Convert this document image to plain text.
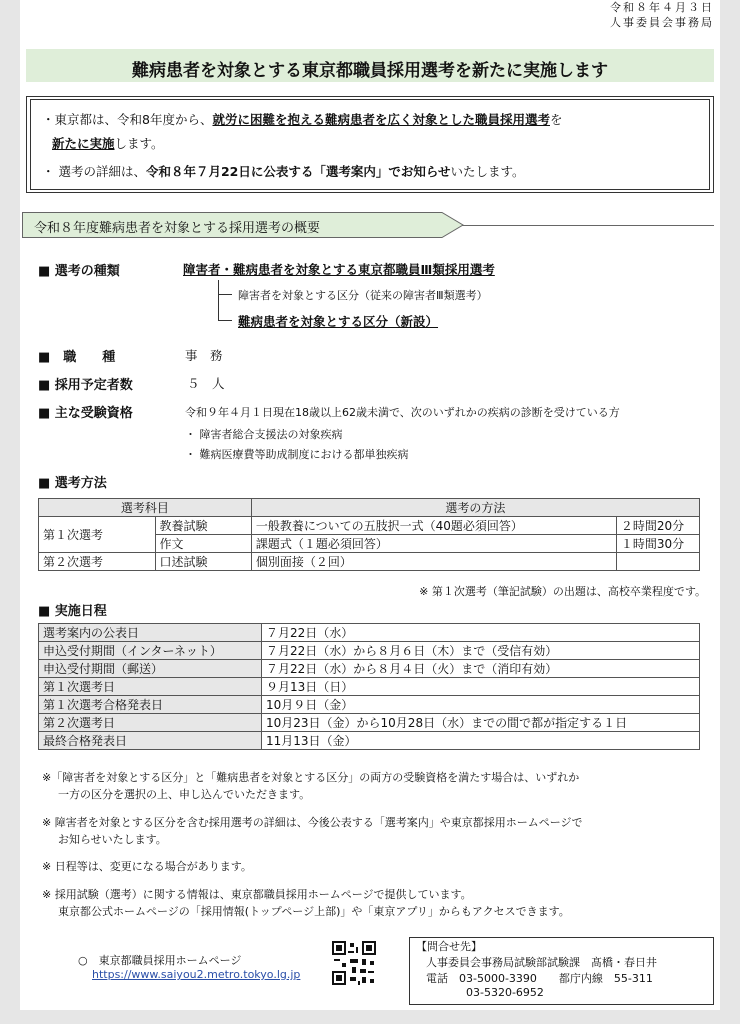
令和８年４月３日
人事委員会事務局
難病患者を対象とする東京都職員採用選考を新たに実施します
・東京都は、令和8年度から、就労に困難を抱える難病患者を広く対象とした職員採用選考を
新たに実施します。
・ 選考の詳細は、令和８年７月22日に公表する「選考案内」でお知らせいたします。
令和８年度難病患者を対象とする採用選考の概要
■ 選考の種類	障害者・難病患者を対象とする東京都職員Ⅲ類採用選考
障害者を対象とする区分（従来の障害者Ⅲ類選考）
難病患者を対象とする区分（新設）
■　職　　種	事　務
■ 採用予定者数	５　人
■ 主な受験資格	令和９年４月１日現在18歳以上62歳未満で、次のいずれかの疾病の診断を受けている方
・ 障害者総合支援法の対象疾病
・ 難病医療費等助成制度における都単独疾病
■ 選考方法
選考科目		選考の方法	
第１次選考	教養試験	一般教養についての五肢択一式（40題必須回答）	２時間20分
	作文	課題式（１題必須回答）	１時間30分
第２次選考	口述試験	個別面接（２回）	
※ 第１次選考（筆記試験）の出題は、高校卒業程度です。
■ 実施日程
選考案内の公表日	７月22日（水）
申込受付期間（インターネット）	７月22日（水）から８月６日（木）まで（受信有効）
申込受付期間（郵送）	７月22日（水）から８月４日（火）まで（消印有効）
第１次選考日	９月13日（日）
第１次選考合格発表日	10月９日（金）
第２次選考日	10月23日（金）から10月28日（水）までの間で都が指定する１日
最終合格発表日	11月13日（金）
※「障害者を対象とする区分」と「難病患者を対象とする区分」の両方の受験資格を満たす場合は、いずれか
一方の区分を選択の上、申し込んでいただきます。
※ 障害者を対象とする区分を含む採用選考の詳細は、今後公表する「選考案内」や東京都採用ホームページで
お知らせいたします。
※ 日程等は、変更になる場合があります。
※ 採用試験（選考）に関する情報は、東京都職員採用ホームページで提供しています。
東京都公式ホームページの「採用情報(トップページ上部)」や「東京アプリ」からもアクセスできます。
○　東京都職員採用ホームページ
https://www.saiyou2.metro.tokyo.lg.jp
【問合せ先】
人事委員会事務局試験部試験課　髙橋・春日井
電話　03-5000-3390　　都庁内線　55-311
03-5320-6952
